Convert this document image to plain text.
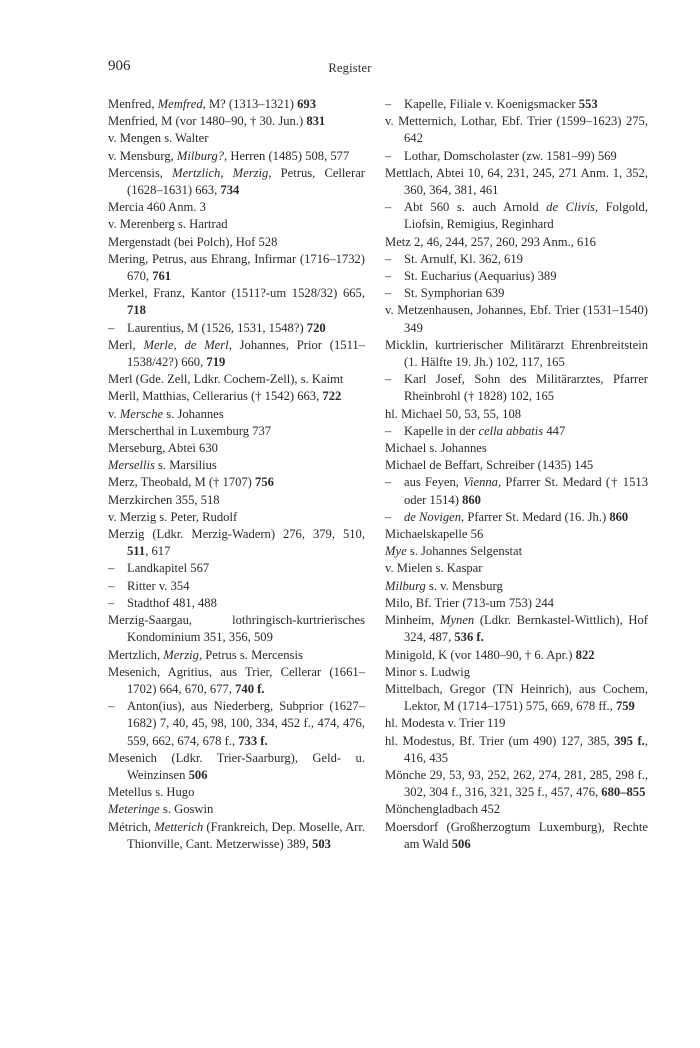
906	Register

Menfred, Memfred, M? (1313–1321) 693

Menfried, M (vor 1480–90, † 30. Jun.) 831

v. Mengen s. Walter

v. Mensburg, Milburg?, Herren (1485) 508, 577

Mercensis, Mertzlich, Merzig, Petrus, Cellerar (1628–1631) 663, 734

Mercia 460 Anm. 3

v. Merenberg s. Hartrad

Mergenstadt (bei Polch), Hof 528

Mering, Petrus, aus Ehrang, Infirmar (1716–1732) 670, 761

Merkel, Franz, Kantor (1511?-um 1528/32) 665, 718

– Laurentius, M (1526, 1531, 1548?) 720

Merl, Merle, de Merl, Johannes, Prior (1511–1538/42?) 660, 719

Merl (Gde. Zell, Ldkr. Cochem-Zell), s. Kaimt

Merll, Matthias, Cellerarius († 1542) 663, 722

v. Mersche s. Johannes

Merscherthal in Luxemburg 737

Merseburg, Abtei 630

Mersellis s. Marsilius

Merz, Theobald, M († 1707) 756

Merzkirchen 355, 518

v. Merzig s. Peter, Rudolf

Merzig (Ldkr. Merzig-Wadern) 276, 379, 510, 511, 617

– Landkapitel 567

– Ritter v. 354

– Stadthof 481, 488

Merzig-Saargau, lothringisch-kurtrierisches Kondominium 351, 356, 509

Mertzlich, Merzig, Petrus s. Mercensis

Mesenich, Agritius, aus Trier, Cellerar (1661–1702) 664, 670, 677, 740 f.

– Anton(ius), aus Niederberg, Subprior (1627–1682) 7, 40, 45, 98, 100, 334, 452 f., 474, 476, 559, 662, 674, 678 f., 733 f.

Mesenich (Ldkr. Trier-Saarburg), Geld- u. Weinzinsen 506

Metellus s. Hugo

Meteringe s. Goswin

Métrich, Metterich (Frankreich, Dep. Moselle, Arr. Thionville, Cant. Metzerwisse) 389, 503

– Kapelle, Filiale v. Koenigsmacker 553

v. Metternich, Lothar, Ebf. Trier (1599–1623) 275, 642

– Lothar, Domscholaster (zw. 1581–99) 569

Mettlach, Abtei 10, 64, 231, 245, 271 Anm. 1, 352, 360, 364, 381, 461

– Abt 560 s. auch Arnold de Clivis, Folgold, Liofsin, Remigius, Reginhard

Metz 2, 46, 244, 257, 260, 293 Anm., 616

– St. Arnulf, Kl. 362, 619

– St. Eucharius (Aequarius) 389

– St. Symphorian 639

v. Metzenhausen, Johannes, Ebf. Trier (1531–1540) 349

Micklin, kurtrierischer Militärarzt Ehrenbreitstein (1. Hälfte 19. Jh.) 102, 117, 165

– Karl Josef, Sohn des Militärarztes, Pfarrer Rheinbrohl († 1828) 102, 165

hl. Michael 50, 53, 55, 108

– Kapelle in der cella abbatis 447

Michael s. Johannes

Michael de Beffart, Schreiber (1435) 145

– aus Feyen, Vienna, Pfarrer St. Medard († 1513 oder 1514) 860

– de Novigen, Pfarrer St. Medard (16. Jh.) 860

Michaelskapelle 56

Mye s. Johannes Selgenstat

v. Mielen s. Kaspar

Milburg s. v. Mensburg

Milo, Bf. Trier (713-um 753) 244

Minheim, Mynen (Ldkr. Bernkastel-Wittlich), Hof 324, 487, 536 f.

Minigold, K (vor 1480–90, † 6. Apr.) 822

Minor s. Ludwig

Mittelbach, Gregor (TN Heinrich), aus Cochem, Lektor, M (1714–1751) 575, 669, 678 ff., 759

hl. Modesta v. Trier 119

hl. Modestus, Bf. Trier (um 490) 127, 385, 395 f., 416, 435

Mönche 29, 53, 93, 252, 262, 274, 281, 285, 298 f., 302, 304 f., 316, 321, 325 f., 457, 476, 680–855

Mönchengladbach 452

Moersdorf (Großherzogtum Luxemburg), Rechte am Wald 506
